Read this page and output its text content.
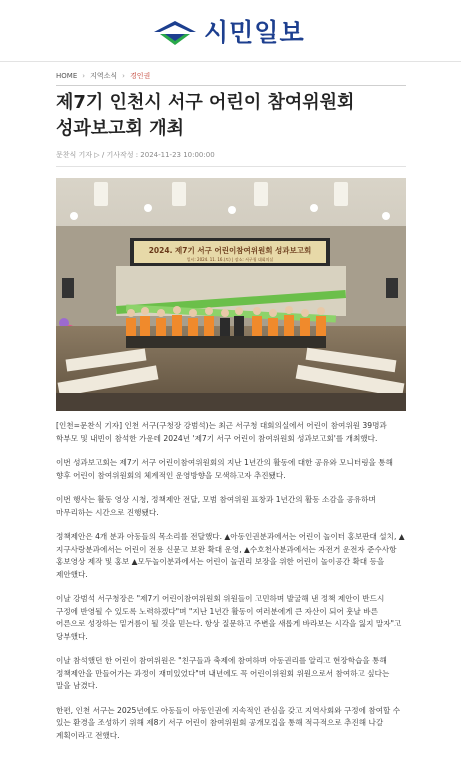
시민일보
HOME › 지역소식 › 경인권
제7기 인천시 서구 어린이 참여위원회
성과보고회 개최
문찬식 기자 ▷ / 기사작성 : 2024-11-23 10:00:00
2024. 제7기 서구 어린이참여위원회 성과보고회
일시: 2024. 11. 16.(토) | 장소: 서구청 대회의실

[인천=문찬식 기자] 인천 서구(구청장 강범석)는 최근 서구청 대회의실에서 어린이 참여위원 39명과 학부모 및 내빈이 참석한 가운데 2024년 '제7기 서구 어린이 참여위원회 성과보고회'를 개최했다.

이번 성과보고회는 제7기 서구 어린이참여위원회의 지난 1년간의 활동에 대한 공유와 모니터링을 통해 향후 어린이 참여위원회의 체계적인 운영방향을 모색하고자 추진됐다.

이번 행사는 활동 영상 시청, 정책제안 전달, 모범 참여위원 표창과 1년간의 활동 소감을 공유하며 마무리하는 시간으로 진행됐다.

정책제안은 4개 분과 아동들의 목소리를 전달했다. ▲아동인권분과에서는 어린이 놀이터 홍보판대 설치, ▲지구사랑분과에서는 어린이 전용 신문고 보완 확대 운영, ▲수호천사분과에서는 자전거 운전자 준수사항 홍보영상 제작 및 홍보 ▲모두놀이분과에서는 어린이 놀권리 보장을 위한 어린이 놀이공간 확대 등을 제안했다.

이날 강범석 서구청장은 "제7기 어린이참여위원회 위원들이 고민하며 발굴해 낸 정책 제안이 반드시 구정에 반영될 수 있도록 노력하겠다"며 "지난 1년간 활동이 여러분에게 큰 자산이 되어 훗날 바른 어른으로 성장하는 밑거름이 될 것을 믿는다. 항상 질문하고 주변을 새롭게 바라보는 시각을 잃지 말자"고 당부했다.

이날 참석했던 한 어린이 참여위원은 "친구들과 축제에 참여하며 아동권리를 알리고 현장학습을 통해 정책제안을 만들어가는 과정이 재미있었다"며 내년에도 꼭 어린이위원회 위원으로서 참여하고 싶다는 말을 남겼다.

한편, 인천 서구는 2025년에도 아동들이 아동인권에 지속적인 관심을 갖고 지역사회와 구정에 참여할 수 있는 환경을 조성하기 위해 제8기 서구 어린이 참여위원회 공개모집을 통해 적극적으로 추진해 나갈 계획이라고 전했다.
